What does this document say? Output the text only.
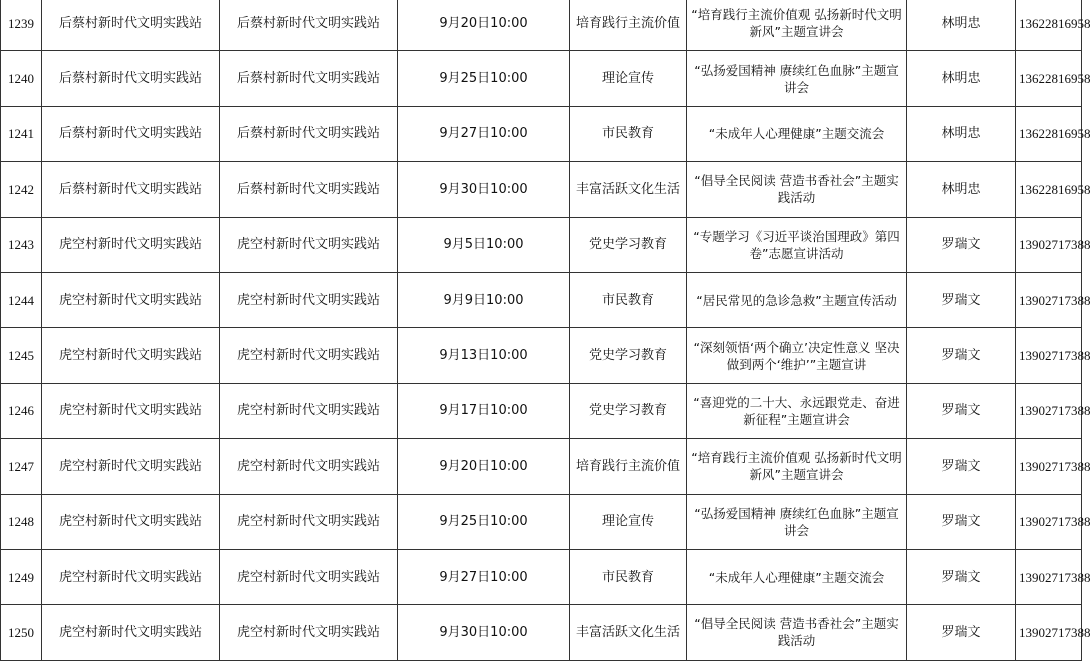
1239	后蔡村新时代文明实践站	后蔡村新时代文明实践站	9月20日10:00	培育践行主流价值	“培育践行主流价值观 弘扬新时代文明新风”主题宣讲会	林明忠	13622816958
1240	后蔡村新时代文明实践站	后蔡村新时代文明实践站	9月25日10:00	理论宣传	“弘扬爱国精神 赓续红色血脉”主题宣讲会	林明忠	13622816958
1241	后蔡村新时代文明实践站	后蔡村新时代文明实践站	9月27日10:00	市民教育	“未成年人心理健康”主题交流会	林明忠	13622816958
1242	后蔡村新时代文明实践站	后蔡村新时代文明实践站	9月30日10:00	丰富活跃文化生活	“倡导全民阅读 营造书香社会”主题实践活动	林明忠	13622816958
1243	虎空村新时代文明实践站	虎空村新时代文明实践站	9月5日10:00	党史学习教育	“专题学习《习近平谈治国理政》第四卷”志愿宣讲活动	罗瑞文	13902717388
1244	虎空村新时代文明实践站	虎空村新时代文明实践站	9月9日10:00	市民教育	“居民常见的急诊急救”主题宣传活动	罗瑞文	13902717388
1245	虎空村新时代文明实践站	虎空村新时代文明实践站	9月13日10:00	党史学习教育	“深刻领悟‘两个确立’决定性意义 坚决做到两个‘维护’”主题宣讲	罗瑞文	13902717388
1246	虎空村新时代文明实践站	虎空村新时代文明实践站	9月17日10:00	党史学习教育	“喜迎党的二十大、永远跟党走、奋进新征程”主题宣讲会	罗瑞文	13902717388
1247	虎空村新时代文明实践站	虎空村新时代文明实践站	9月20日10:00	培育践行主流价值	“培育践行主流价值观 弘扬新时代文明新风”主题宣讲会	罗瑞文	13902717388
1248	虎空村新时代文明实践站	虎空村新时代文明实践站	9月25日10:00	理论宣传	“弘扬爱国精神 赓续红色血脉”主题宣讲会	罗瑞文	13902717388
1249	虎空村新时代文明实践站	虎空村新时代文明实践站	9月27日10:00	市民教育	“未成年人心理健康”主题交流会	罗瑞文	13902717388
1250	虎空村新时代文明实践站	虎空村新时代文明实践站	9月30日10:00	丰富活跃文化生活	“倡导全民阅读 营造书香社会”主题实践活动	罗瑞文	13902717388
